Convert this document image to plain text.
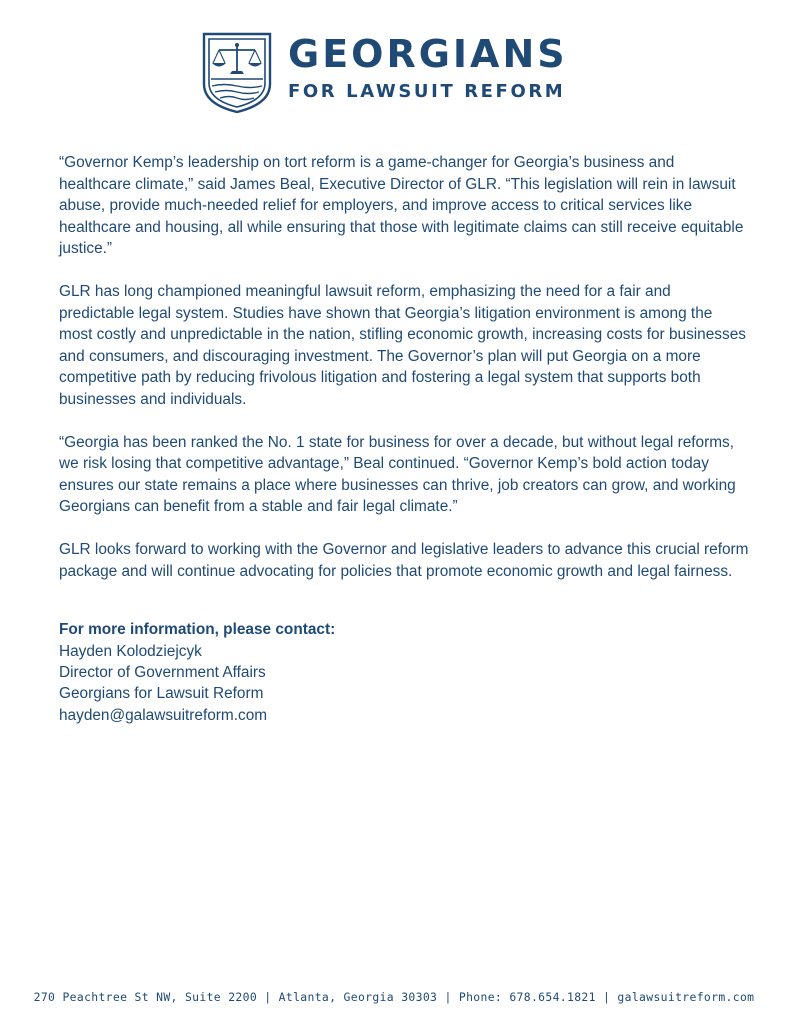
GEORGIANS
FOR LAWSUIT REFORM

“Governor Kemp’s leadership on tort reform is a game-changer for Georgia’s business and healthcare climate,” said James Beal, Executive Director of GLR. “This legislation will rein in lawsuit abuse, provide much-needed relief for employers, and improve access to critical services like healthcare and housing, all while ensuring that those with legitimate claims can still receive equitable justice.”

GLR has long championed meaningful lawsuit reform, emphasizing the need for a fair and predictable legal system. Studies have shown that Georgia’s litigation environment is among the most costly and unpredictable in the nation, stifling economic growth, increasing costs for businesses and consumers, and discouraging investment. The Governor’s plan will put Georgia on a more competitive path by reducing frivolous litigation and fostering a legal system that supports both businesses and individuals.

“Georgia has been ranked the No. 1 state for business for over a decade, but without legal reforms, we risk losing that competitive advantage,” Beal continued. “Governor Kemp’s bold action today ensures our state remains a place where businesses can thrive, job creators can grow, and working Georgians can benefit from a stable and fair legal climate.”

GLR looks forward to working with the Governor and legislative leaders to advance this crucial reform package and will continue advocating for policies that promote economic growth and legal fairness.

For more information, please contact:
Hayden Kolodziejcyk
Director of Government Affairs
Georgians for Lawsuit Reform
hayden@galawsuitreform.com
270 Peachtree St NW, Suite 2200 | Atlanta, Georgia 30303 | Phone: 678.654.1821 | galawsuitreform.com
